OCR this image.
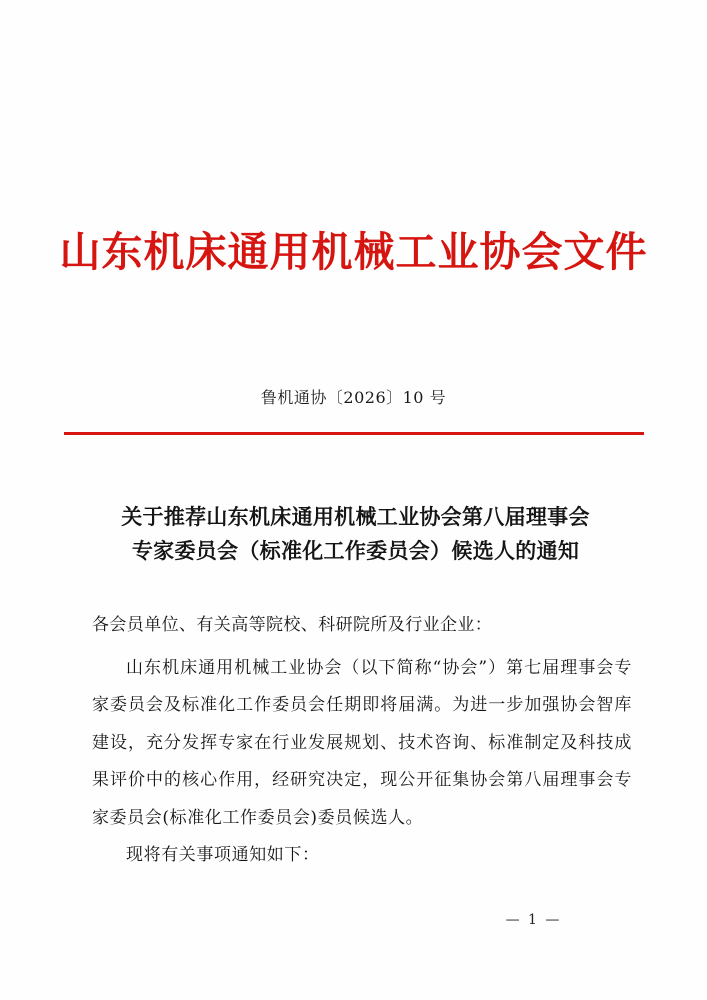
山东机床通用机械工业协会文件
鲁机通协〔2026〕10 号
关于推荐山东机床通用机械工业协会第八届理事会
专家委员会（标准化工作委员会）候选人的通知
各会员单位、有关高等院校、科研院所及行业企业：

山东机床通用机械工业协会（以下简称“协会”）第七届理事会专家委员会及标准化工作委员会任期即将届满。为进一步加强协会智库建设，充分发挥专家在行业发展规划、技术咨询、标准制定及科技成果评价中的核心作用，经研究决定，现公开征集协会第八届理事会专家委员会(标准化工作委员会)委员候选人。

现将有关事项通知如下：

— 1 —
